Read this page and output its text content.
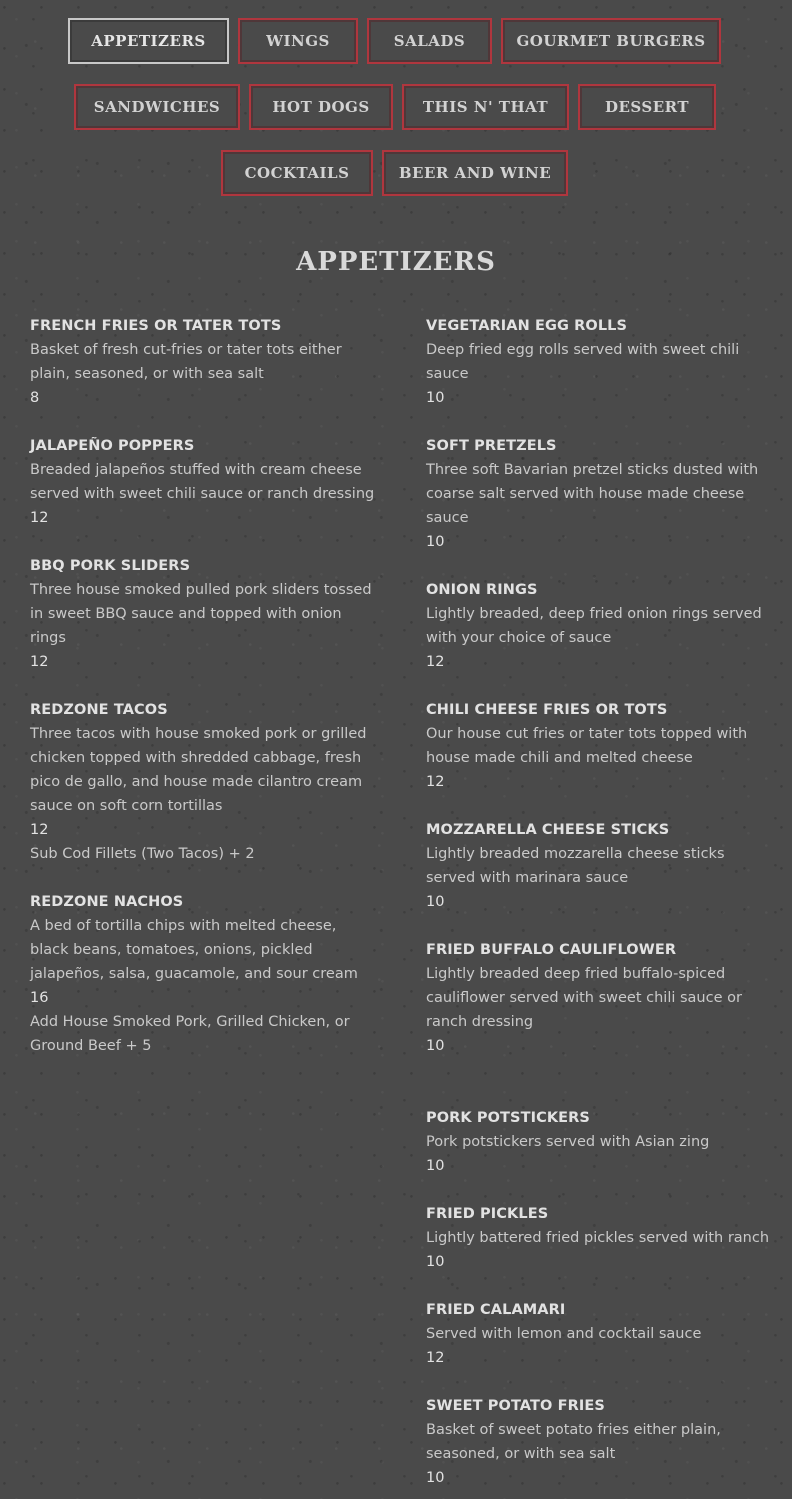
APPETIZERS	WINGS	SALADS	GOURMET BURGERS
SANDWICHES	HOT DOGS	THIS N' THAT	DESSERT
COCKTAILS	BEER AND WINE
APPETIZERS
FRENCH FRIES OR TATER TOTS
Basket of fresh cut-fries or tater tots either plain, seasoned, or with sea salt
8
JALAPEÑO POPPERS
Breaded jalapeños stuffed with cream cheese served with sweet chili sauce or ranch dressing
12
BBQ PORK SLIDERS
Three house smoked pulled pork sliders tossed in sweet BBQ sauce and topped with onion rings
12
REDZONE TACOS
Three tacos with house smoked pork or grilled chicken topped with shredded cabbage, fresh pico de gallo, and house made cilantro cream sauce on soft corn tortillas
12
Sub Cod Fillets (Two Tacos) + 2
REDZONE NACHOS
A bed of tortilla chips with melted cheese, black beans, tomatoes, onions, pickled jalapeños, salsa, guacamole, and sour cream
16
Add House Smoked Pork, Grilled Chicken, or Ground Beef + 5
VEGETARIAN EGG ROLLS
Deep fried egg rolls served with sweet chili sauce
10
SOFT PRETZELS
Three soft Bavarian pretzel sticks dusted with coarse salt served with house made cheese sauce
10
ONION RINGS
Lightly breaded, deep fried onion rings served with your choice of sauce
12
CHILI CHEESE FRIES OR TOTS
Our house cut fries or tater tots topped with house made chili and melted cheese
12
MOZZARELLA CHEESE STICKS
Lightly breaded mozzarella cheese sticks served with marinara sauce
10
FRIED BUFFALO CAULIFLOWER
Lightly breaded deep fried buffalo-spiced cauliflower served with sweet chili sauce or ranch dressing
10
PORK POTSTICKERS
Pork potstickers served with Asian zing
10
FRIED PICKLES
Lightly battered fried pickles served with ranch
10
FRIED CALAMARI
Served with lemon and cocktail sauce
12
SWEET POTATO FRIES
Basket of sweet potato fries either plain, seasoned, or with sea salt
10
